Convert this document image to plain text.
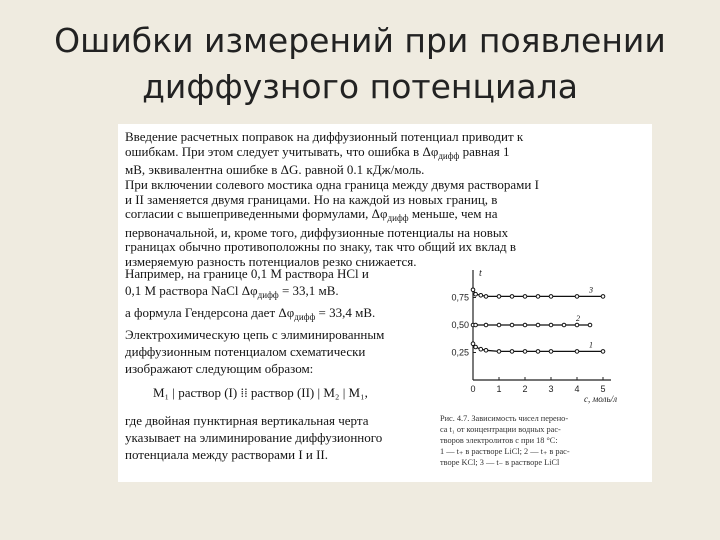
Ошибки измерений при появлении
диффузного потенциала
Введение расчетных поправок на диффузионный потенциал приводит к
ошибкам. При этом следует учитывать, что ошибка в $\Delta\varphi_{дифф}$ равная 1
мВ, эквивалентна ошибке в ΔG. равной 0.1 кДж/моль.
При включении солевого мостика одна граница между двумя растворами I
и II заменяется двумя границами. Но на каждой из новых границ, в
согласии с вышеприведенными формулами, $\Delta\varphi_{дифф}$ меньше, чем на
первоначальной, и, кроме того, диффузионные потенциалы на новых
границах обычно противоположны по знаку, так что общий их вклад в
измеряемую разность потенциалов резко снижается.
Например, на границе 0,1 М раствора HCl и
0,1 М раствора NaCl $\Delta\varphi_{дифф} = 33,1$ мВ.
а формула Гендерсона дает $\Delta\varphi_{дифф} = 33,4$ мВ.
Электрохимическую цепь с элиминированным
диффузионным потенциалом схематически
изображают следующим образом:
M₁ | раствор (I) ⁞⁞ раствор (II) | M₂ | M₁,
где двойная пунктирная вертикальная черта
указывает на элиминирование диффузионного
потенциала между растворами I и II.
t
0 1 2 3 4 5
c, моль/л
0,25
0,50
0,75
3
2
1
Рис. 4.7. Зависимость чисел перено-
са t₁ от концентрации водных рас-
творов электролитов с при 18 °С:
1 — t₊ в растворе LiCl; 2 — t₊ в рас-
творе KCl; 3 — t₋ в растворе LiCl
